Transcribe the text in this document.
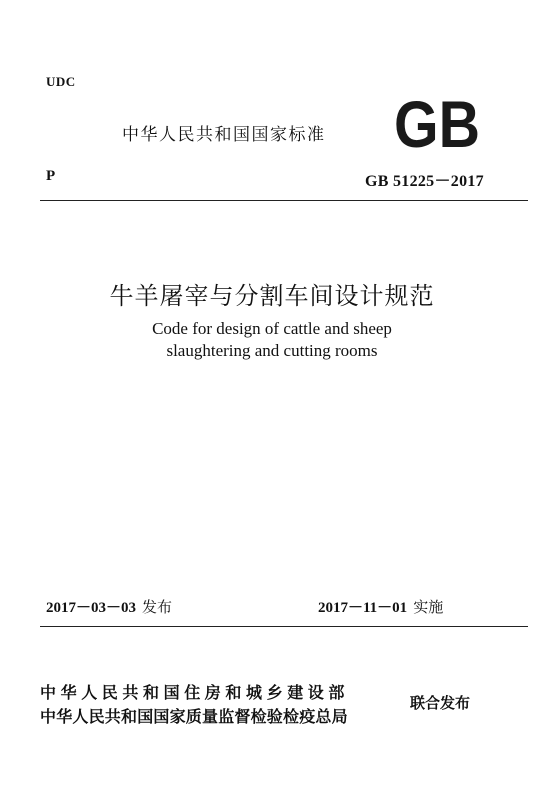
UDC
中华人民共和国国家标准 GB
P	GB 51225－2017
牛羊屠宰与分割车间设计规范
Code for design of cattle and sheep
slaughtering and cutting rooms
2017－03－03 发布	2017－11－01 实施
中华人民共和国住房和城乡建设部
中华人民共和国国家质量监督检验检疫总局
联合发布
